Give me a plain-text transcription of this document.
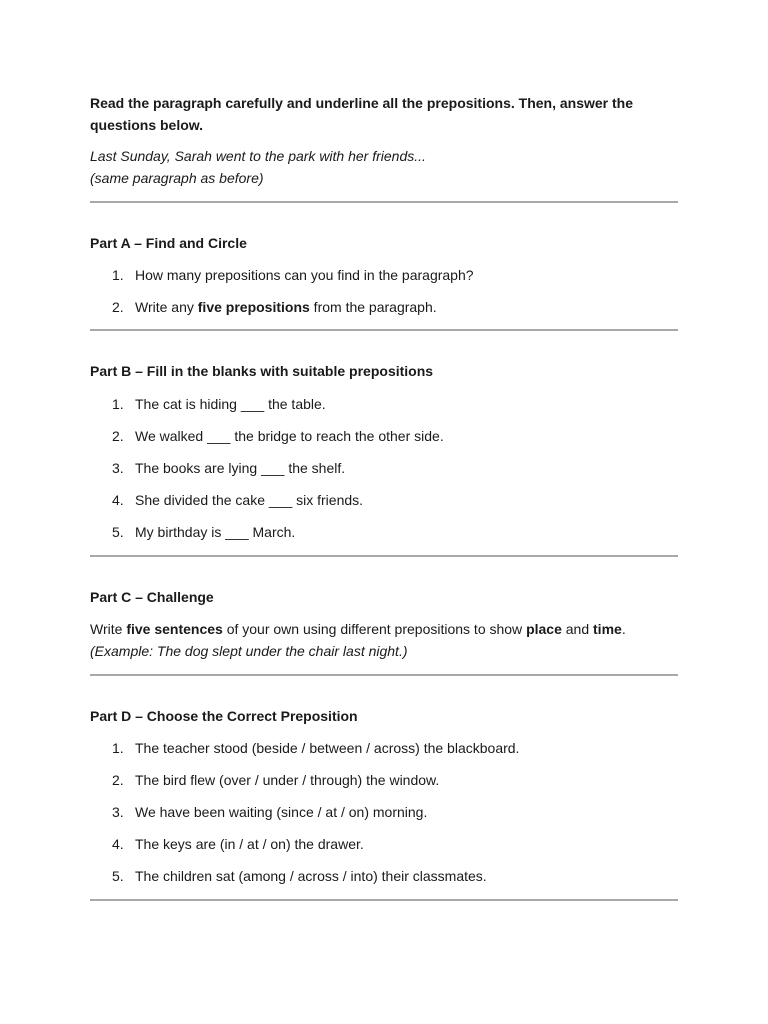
Read the paragraph carefully and underline all the prepositions. Then, answer the questions below.

Last Sunday, Sarah went to the park with her friends...

(same paragraph as before)

Part A – Find and Circle

1. How many prepositions can you find in the paragraph?
2. Write any five prepositions from the paragraph.

Part B – Fill in the blanks with suitable prepositions

1. The cat is hiding ___ the table.
2. We walked ___ the bridge to reach the other side.
3. The books are lying ___ the shelf.
4. She divided the cake ___ six friends.
5. My birthday is ___ March.

Part C – Challenge

Write five sentences of your own using different prepositions to show place and time.

(Example: The dog slept under the chair last night.)

Part D – Choose the Correct Preposition

1. The teacher stood (beside / between / across) the blackboard.
2. The bird flew (over / under / through) the window.
3. We have been waiting (since / at / on) morning.
4. The keys are (in / at / on) the drawer.
5. The children sat (among / across / into) their classmates.
